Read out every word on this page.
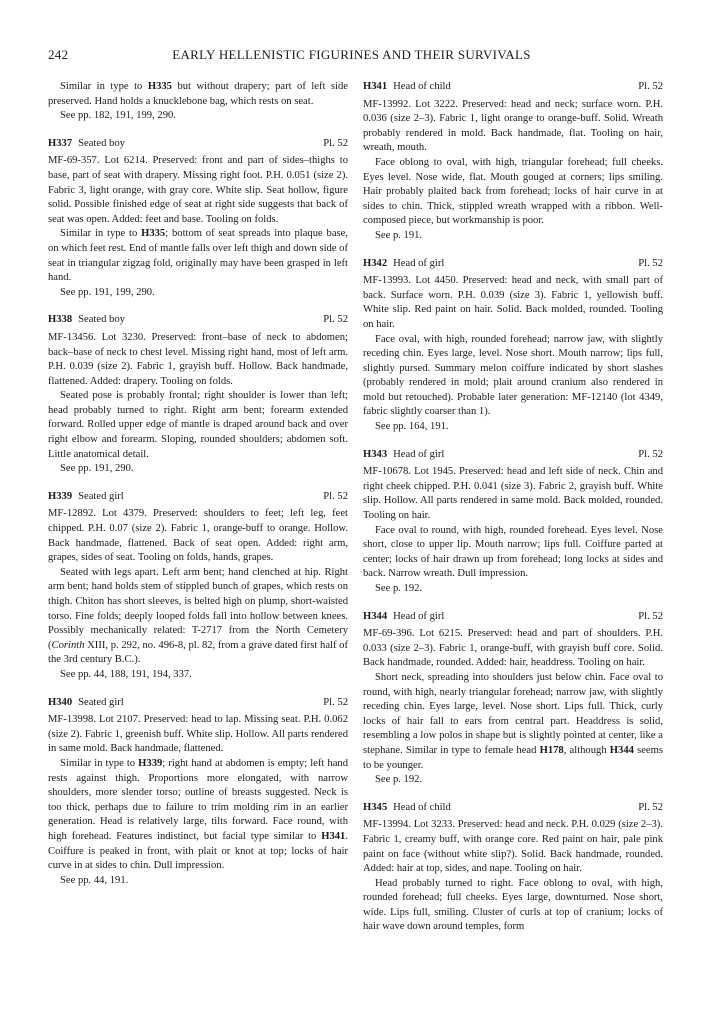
242	EARLY HELLENISTIC FIGURINES AND THEIR SURVIVALS

Similar in type to H335 but without drapery; part of left side preserved. Hand holds a knucklebone bag, which rests on seat.

See pp. 182, 191, 199, 290.

H337 Seated boy	Pl. 52

MF-69-357. Lot 6214. Preserved: front and part of sides–thighs to base, part of seat with drapery. Missing right foot. P.H. 0.051 (size 2). Fabric 3, light orange, with gray core. White slip. Seat hollow, figure solid. Possible finished edge of seat at right side suggests that back of seat was open. Added: feet and base. Tooling on folds.

Similar in type to H335; bottom of seat spreads into plaque base, on which feet rest. End of mantle falls over left thigh and down side of seat in triangular zigzag fold, originally may have been grasped in left hand.

See pp. 191, 199, 290.

H338 Seated boy	Pl. 52

MF-13456. Lot 3230. Preserved: front–base of neck to abdomen; back–base of neck to chest level. Missing right hand, most of left arm. P.H. 0.039 (size 2). Fabric 1, grayish buff. Hollow. Back handmade, flattened. Added: drapery. Tooling on folds.

Seated pose is probably frontal; right shoulder is lower than left; head probably turned to right. Right arm bent; forearm extended forward. Rolled upper edge of mantle is draped around back and over right elbow and forearm. Sloping, rounded shoulders; abdomen soft. Little anatomical detail.

See pp. 191, 290.

H339 Seated girl	Pl. 52

MF-12892. Lot 4379. Preserved: shoulders to feet; left leg, feet chipped. P.H. 0.07 (size 2). Fabric 1, orange-buff to orange. Hollow. Back handmade, flattened. Back of seat open. Added: right arm, grapes, sides of seat. Tooling on folds, hands, grapes.

Seated with legs apart. Left arm bent; hand clenched at hip. Right arm bent; hand holds stem of stippled bunch of grapes, which rests on thigh. Chiton has short sleeves, is belted high on plump, short-waisted torso. Fine folds; deeply looped folds fall into hollow between knees. Possibly mechanically related: T-2717 from the North Cemetery (Corinth XIII, p. 292, no. 496-8, pl. 82, from a grave dated first half of the 3rd century B.C.).

See pp. 44, 188, 191, 194, 337.

H340 Seated girl	Pl. 52

MF-13998. Lot 2107. Preserved: head to lap. Missing seat. P.H. 0.062 (size 2). Fabric 1, greenish buff. White slip. Hollow. All parts rendered in same mold. Back handmade, flattened.

Similar in type to H339; right hand at abdomen is empty; left hand rests against thigh. Proportions more elongated, with narrow shoulders, more slender torso; outline of breasts suggested. Neck is too thick, perhaps due to failure to trim molding rim in an earlier generation. Head is relatively large, tilts forward. Face round, with high forehead. Features indistinct, but facial type similar to H341. Coiffure is peaked in front, with plait or knot at top; locks of hair curve in at sides to chin. Dull impression.

See pp. 44, 191.

H341 Head of child	Pl. 52

MF-13992. Lot 3222. Preserved: head and neck; surface worn. P.H. 0.036 (size 2–3). Fabric 1, light orange to orange-buff. Solid. Wreath probably rendered in mold. Back handmade, flat. Tooling on hair, wreath, mouth.

Face oblong to oval, with high, triangular forehead; full cheeks. Eyes level. Nose wide, flat. Mouth gouged at corners; lips smiling. Hair probably plaited back from forehead; locks of hair curve in at sides to chin. Thick, stippled wreath wrapped with a ribbon. Well-composed piece, but workmanship is poor.

See p. 191.

H342 Head of girl	Pl. 52

MF-13993. Lot 4450. Preserved: head and neck, with small part of back. Surface worn. P.H. 0.039 (size 3). Fabric 1, yellowish buff. White slip. Red paint on hair. Solid. Back molded, rounded. Tooling on hair.

Face oval, with high, rounded forehead; narrow jaw, with slightly receding chin. Eyes large, level. Nose short. Mouth narrow; lips full, slightly pursed. Summary melon coiffure indicated by short slashes (probably rendered in mold; plait around cranium also rendered in mold but retouched). Probable later generation: MF-12140 (lot 4349, fabric slightly coarser than 1).

See pp. 164, 191.

H343 Head of girl	Pl. 52

MF-10678. Lot 1945. Preserved: head and left side of neck. Chin and right cheek chipped. P.H. 0.041 (size 3). Fabric 2, grayish buff. White slip. Hollow. All parts rendered in same mold. Back molded, rounded. Tooling on hair.

Face oval to round, with high, rounded forehead. Eyes level. Nose short, close to upper lip. Mouth narrow; lips full. Coiffure parted at center; locks of hair drawn up from forehead; long locks at sides and back. Narrow wreath. Dull impression.

See p. 192.

H344 Head of girl	Pl. 52

MF-69-396. Lot 6215. Preserved: head and part of shoulders. P.H. 0.033 (size 2–3). Fabric 1, orange-buff, with grayish buff core. Solid. Back handmade, rounded. Added: hair, headdress. Tooling on hair.

Short neck, spreading into shoulders just below chin. Face oval to round, with high, nearly triangular forehead; narrow jaw, with slightly receding chin. Eyes large, level. Nose short. Lips full. Thick, curly locks of hair fall to ears from central part. Headdress is solid, resembling a low polos in shape but is slightly pointed at center, like a stephane. Similar in type to female head H178, although H344 seems to be younger.

See p. 192.

H345 Head of child	Pl. 52

MF-13994. Lot 3233. Preserved: head and neck. P.H. 0.029 (size 2–3). Fabric 1, creamy buff, with orange core. Red paint on hair, pale pink paint on face (without white slip?). Solid. Back handmade, rounded. Added: hair at top, sides, and nape. Tooling on hair.

Head probably turned to right. Face oblong to oval, with high, rounded forehead; full cheeks. Eyes large, downturned. Nose short, wide. Lips full, smiling. Cluster of curls at top of cranium; locks of hair wave down around temples, form
